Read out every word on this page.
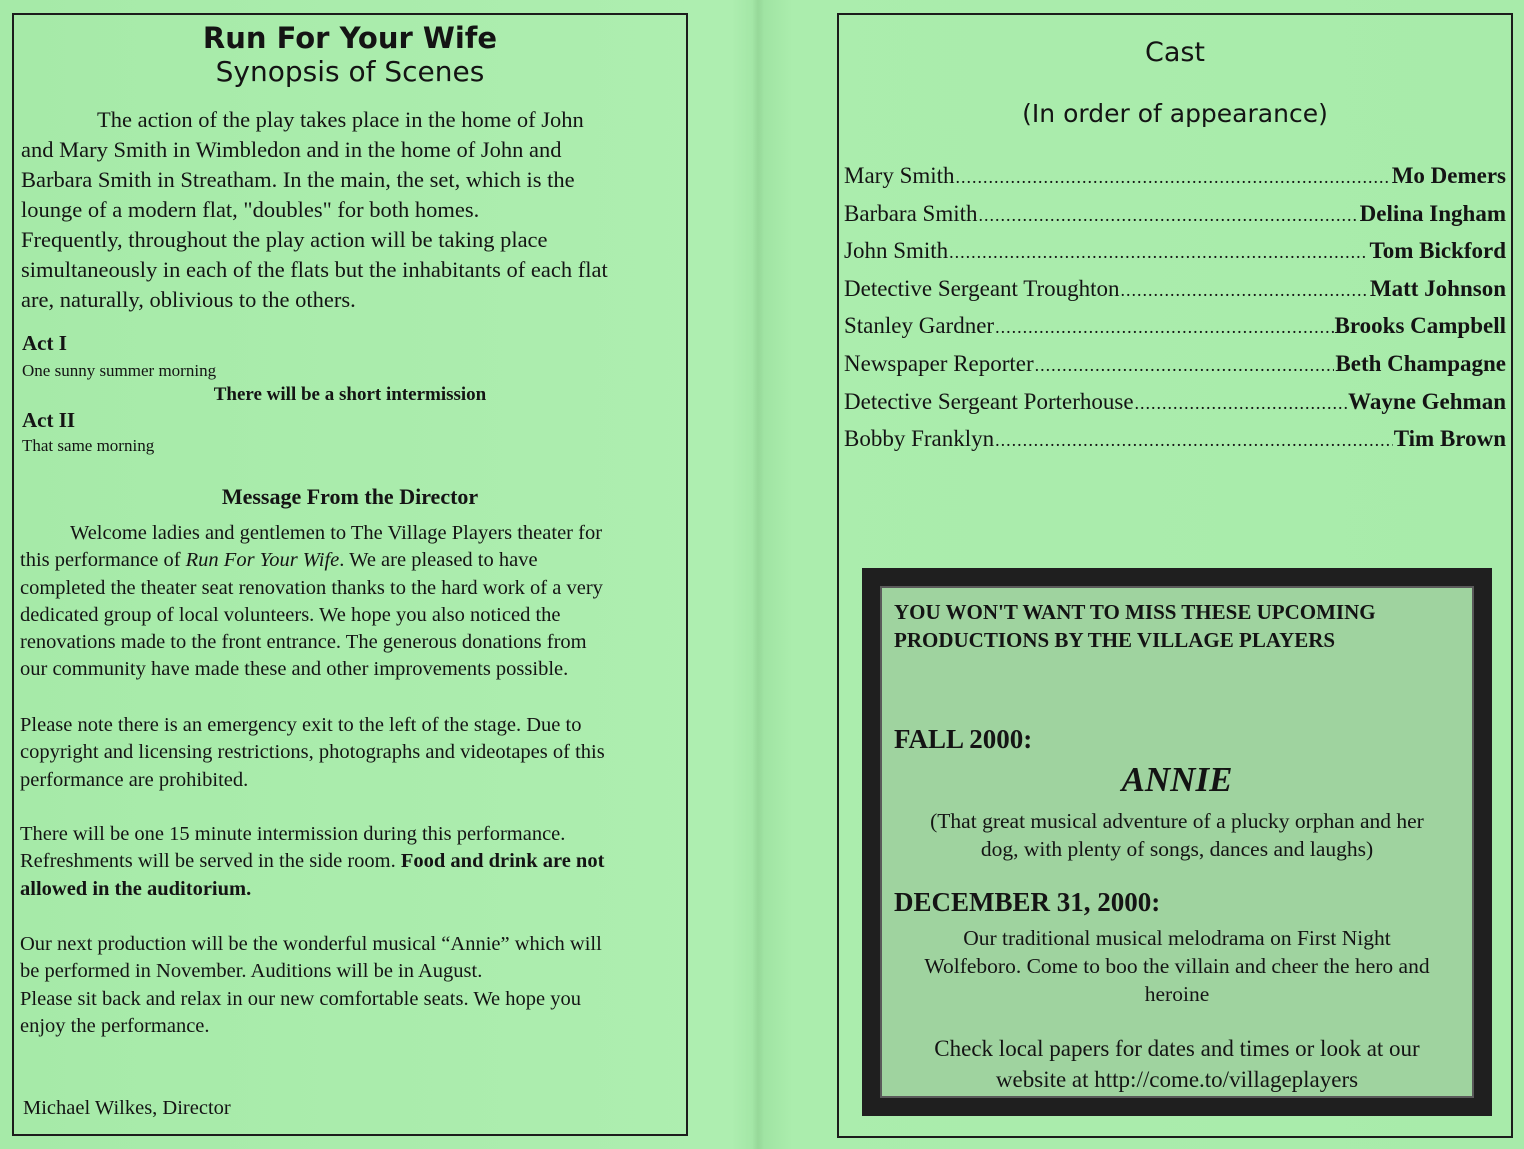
Run For Your Wife
Synopsis of Scenes
The action of the play takes place in the home of John
and Mary Smith in Wimbledon and in the home of John and
Barbara Smith in Streatham. In the main, the set, which is the
lounge of a modern flat, "doubles" for both homes.
Frequently, throughout the play action will be taking place
simultaneously in each of the flats but the inhabitants of each flat
are, naturally, oblivious to the others.
Act I
One sunny summer morning
There will be a short intermission
Act II
That same morning
Message From the Director
Welcome ladies and gentlemen to The Village Players theater for
this performance of Run For Your Wife. We are pleased to have
completed the theater seat renovation thanks to the hard work of a very
dedicated group of local volunteers. We hope you also noticed the
renovations made to the front entrance. The generous donations from
our community have made these and other improvements possible.
Please note there is an emergency exit to the left of the stage. Due to
copyright and licensing restrictions, photographs and videotapes of this
performance are prohibited.
There will be one 15 minute intermission during this performance.
Refreshments will be served in the side room. Food and drink are not
allowed in the auditorium.
Our next production will be the wonderful musical “Annie” which will
be performed in November. Auditions will be in August.
Please sit back and relax in our new comfortable seats. We hope you
enjoy the performance.
Michael Wilkes, Director
Cast
(In order of appearance)
Mary Smith .....	Mo Demers
Barbara Smith .....	Delina Ingham
John Smith .....	Tom Bickford
Detective Sergeant Troughton .....	Matt Johnson
Stanley Gardner .....	Brooks Campbell
Newspaper Reporter .....	Beth Champagne
Detective Sergeant Porterhouse .....	Wayne Gehman
Bobby Franklyn .....	Tim Brown
YOU WON'T WANT TO MISS THESE UPCOMING
PRODUCTIONS BY THE VILLAGE PLAYERS
FALL 2000:
ANNIE
(That great musical adventure of a plucky orphan and her
dog, with plenty of songs, dances and laughs)
DECEMBER 31, 2000:
Our traditional musical melodrama on First Night
Wolfeboro. Come to boo the villain and cheer the hero and
heroine
Check local papers for dates and times or look at our
website at http://come.to/villageplayers
